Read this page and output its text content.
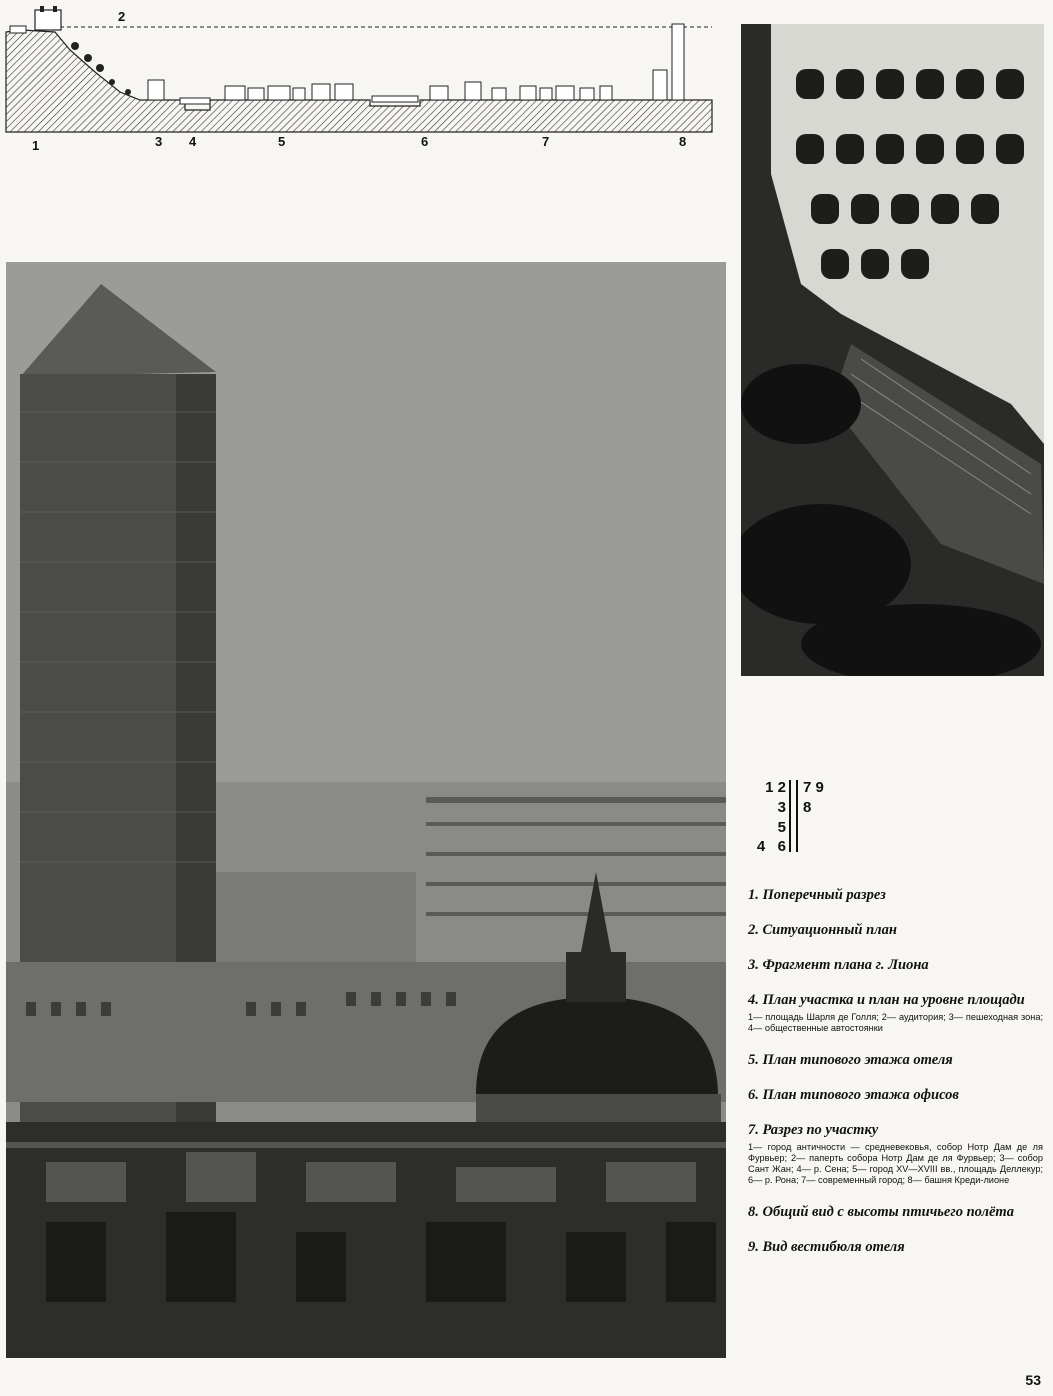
1
2
3 4	5	6	7	8
1 2
3
5
4   6
7 9
8

1. Поперечный разрез

2. Ситуационный план

3. Фрагмент плана г. Лиона

4. План участка и план на уровне площади

1— площадь Шарля де Голля; 2— аудитория; 3— пешеходная зона; 4— общественные автостоянки

5. План типового этажа отеля

6. План типового этажа офисов

7. Разрез по участку

1— город античности — средневековья, собор Нотр Дам де ля Фурвьер; 2— паперть собора Нотр Дам де ля Фурвьер; 3— собор Сант Жан; 4— р. Сена; 5— город XV—XVIII вв., площадь Деллекур; 6— р. Рона; 7— современный город; 8— башня Креди-лионе

8. Общий вид с высоты птичьего полёта

9. Вид вестибюля отеля

53
